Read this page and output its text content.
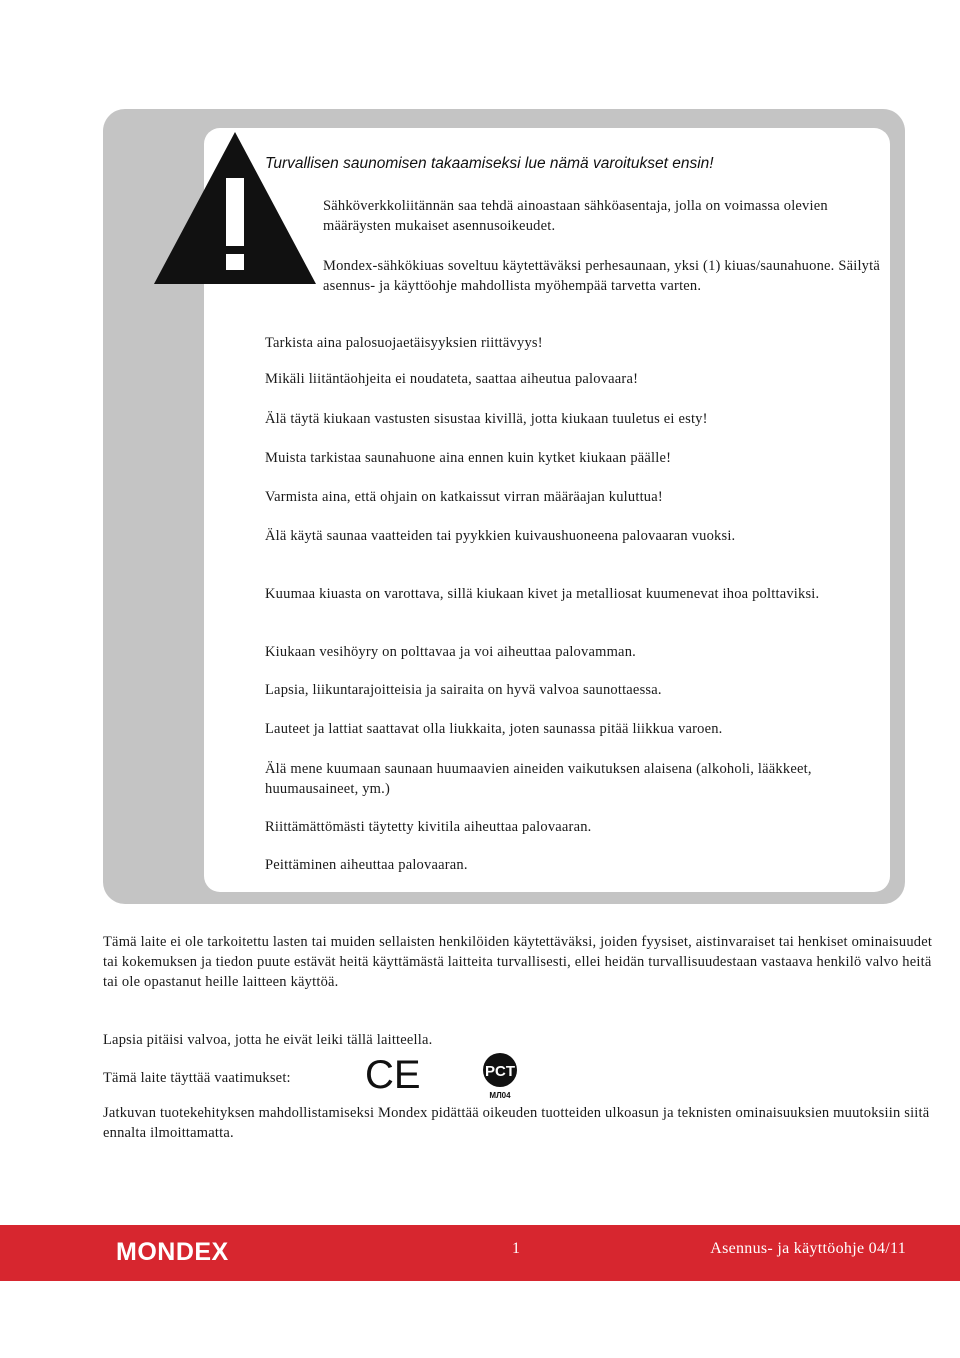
Turvallisen saunomisen takaamiseksi lue nämä varoitukset ensin!

Sähköverkkoliitännän saa tehdä ainoastaan sähköasentaja, jolla on voimassa olevien määräysten mukaiset asennusoikeudet.

Mondex-sähkökiuas soveltuu käytettäväksi perhesaunaan, yksi (1) kiuas/saunahuone. Säilytä asennus- ja käyttöohje mahdollista myöhempää tarvetta varten.

Tarkista aina palosuojaetäisyyksien riittävyys!

Mikäli liitäntäohjeita ei noudateta, saattaa aiheutua palovaara!

Älä täytä kiukaan vastusten sisustaa kivillä, jotta kiukaan tuuletus ei esty!

Muista tarkistaa saunahuone aina ennen kuin kytket kiukaan päälle!

Varmista aina, että ohjain on katkaissut virran määräajan kuluttua!

Älä käytä saunaa vaatteiden tai pyykkien kuivaushuoneena palovaaran vuoksi.

Kuumaa kiuasta on varottava, sillä kiukaan kivet ja metalliosat kuumenevat ihoa polttaviksi.

Kiukaan vesihöyry on polttavaa ja voi aiheuttaa palovamman.

Lapsia, liikuntarajoitteisia ja sairaita on hyvä valvoa saunottaessa.

Lauteet ja lattiat saattavat olla liukkaita, joten saunassa pitää liikkua varoen.

Älä mene kuumaan saunaan huumaavien aineiden vaikutuksen alaisena (alkoholi, lääkkeet, huumausaineet, ym.)

Riittämättömästi täytetty kivitila aiheuttaa palovaaran.

Peittäminen aiheuttaa palovaaran.

Tämä laite ei ole tarkoitettu lasten tai muiden sellaisten henkilöiden käytettäväksi, joiden fyysiset, aistinvaraiset tai henkiset ominaisuudet tai kokemuksen ja tiedon puute estävät heitä käyttämästä laitteita turvallisesti, ellei heidän turvallisuudestaan vastaava henkilö valvo heitä tai ole opastanut heille laitteen käyttöä.

Lapsia pitäisi valvoa, jotta he eivät leiki tällä laitteella.

Tämä laite täyttää vaatimukset:	CE	PCT
МЛ04

Jatkuvan tuotekehityksen mahdollistamiseksi Mondex pidättää oikeuden tuotteiden ulkoasun ja teknisten ominaisuuksien muutoksiin siitä ennalta ilmoittamatta.

MONDEX	1	Asennus- ja käyttöohje 04/11
